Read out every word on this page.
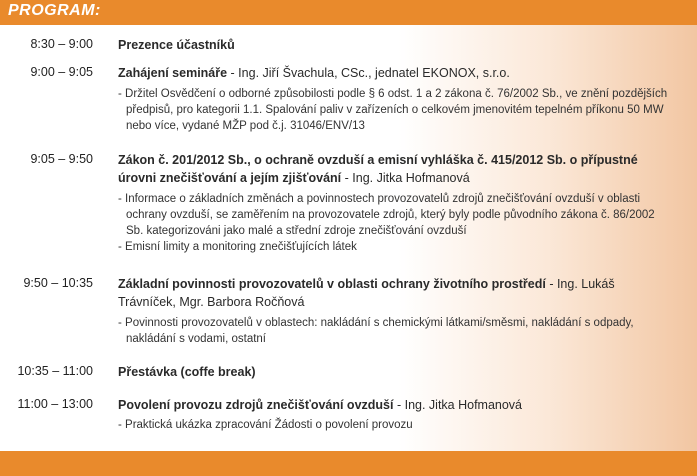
PROGRAM:
8:30 – 9:00 Prezence účastníků
9:00 – 9:05 Zahájení semináře - Ing. Jiří Švachula, CSc., jednatel EKONOX, s.r.o.
- Držitel Osvědčení o odborné způsobilosti podle § 6 odst. 1 a 2 zákona č. 76/2002 Sb., ve znění pozdějších předpisů, pro kategorii 1.1. Spalování paliv v zařízeních o celkovém jmenovitém tepelném příkonu 50 MW nebo více, vydané MŽP pod č.j. 31046/ENV/13
9:05 – 9:50 Zákon č. 201/2012 Sb., o ochraně ovzduší a emisní vyhláška č. 415/2012 Sb. o přípustné úrovni znečišťování a jejím zjišťování - Ing. Jitka Hofmanová
- Informace o základních změnách a povinnostech provozovatelů zdrojů znečišťování ovzduší v oblasti ochrany ovzduší, se zaměřením na provozovatele zdrojů, který byly podle původního zákona č. 86/2002 Sb. kategorizováni jako malé a střední zdroje znečišťování ovzduší
- Emisní limity a monitoring znečišťujících látek
9:50 – 10:35 Základní povinnosti provozovatelů v oblasti ochrany životního prostředí - Ing. Lukáš Trávníček, Mgr. Barbora Ročňová
- Povinnosti provozovatelů v oblastech: nakládání s chemickými látkami/směsmi, nakládání s odpady, nakládání s vodami, ostatní
10:35 – 11:00 Přestávka (coffe break)
11:00 – 13:00 Povolení provozu zdrojů znečišťování ovzduší - Ing. Jitka Hofmanová
- Praktická ukázka zpracování Žádosti o povolení provozu
